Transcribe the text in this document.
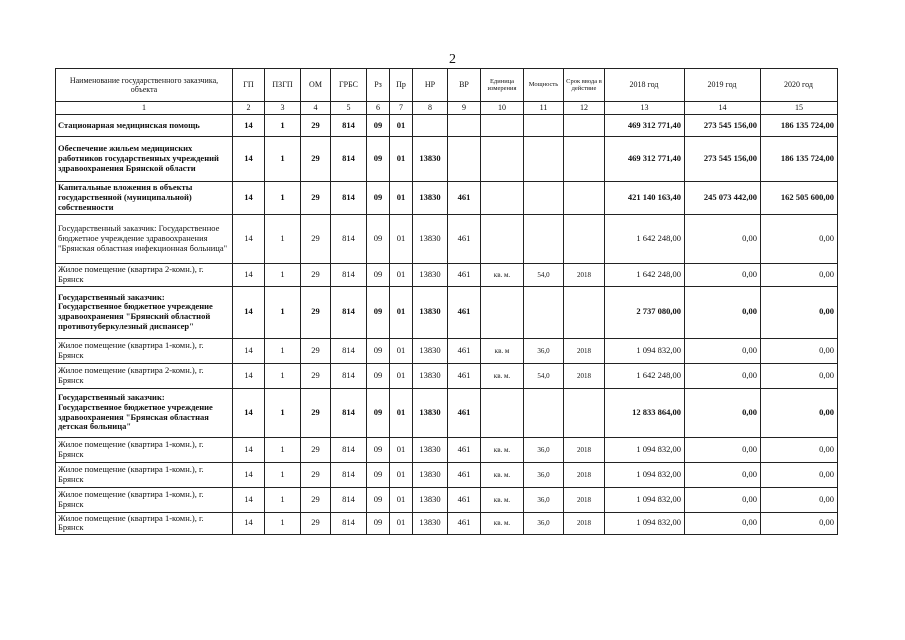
2
Наименование государственного заказчика, объекта	ГП	ПЗГП	ОМ	ГРБС	Рз	Пр	НР	ВР	Единица измерения	Мощность	Срок ввода в действие	2018 год	2019 год	2020 год
1	2	3	4	5	6	7	8	9	10	11	12	13	14	15
Стационарная медицинская помощь	14	1	29	814	09	01						469 312 771,40	273 545 156,00	186 135 724,00
Обеспечение жильем медицинских работников государственных учреждений здравоохранения Брянской области	14	1	29	814	09	01	13830					469 312 771,40	273 545 156,00	186 135 724,00
Капитальные вложения в объекты государственной (муниципальной) собственности	14	1	29	814	09	01	13830	461				421 140 163,40	245 073 442,00	162 505 600,00
Государственный заказчик: Государственное бюджетное учреждение здравоохранения "Брянская областная инфекционная больница"	14	1	29	814	09	01	13830	461				1 642 248,00	0,00	0,00
Жилое помещение (квартира 2-комн.), г. Брянск	14	1	29	814	09	01	13830	461	кв. м.	54,0	2018	1 642 248,00	0,00	0,00
Государственный заказчик: Государственное бюджетное учреждение здравоохранения "Брянский областной противотуберкулезный диспансер"	14	1	29	814	09	01	13830	461				2 737 080,00	0,00	0,00
Жилое помещение (квартира 1-комн.), г. Брянск	14	1	29	814	09	01	13830	461	кв. м	36,0	2018	1 094 832,00	0,00	0,00
Жилое помещение (квартира 2-комн.), г. Брянск	14	1	29	814	09	01	13830	461	кв. м.	54,0	2018	1 642 248,00	0,00	0,00
Государственный заказчик: Государственное бюджетное учреждение здравоохранения "Брянская областная детская больница"	14	1	29	814	09	01	13830	461				12 833 864,00	0,00	0,00
Жилое помещение (квартира 1-комн.), г. Брянск	14	1	29	814	09	01	13830	461	кв. м.	36,0	2018	1 094 832,00	0,00	0,00
Жилое помещение (квартира 1-комн.), г. Брянск	14	1	29	814	09	01	13830	461	кв. м.	36,0	2018	1 094 832,00	0,00	0,00
Жилое помещение (квартира 1-комн.), г. Брянск	14	1	29	814	09	01	13830	461	кв. м.	36,0	2018	1 094 832,00	0,00	0,00
Жилое помещение (квартира 1-комн.), г. Брянск	14	1	29	814	09	01	13830	461	кв. м.	36,0	2018	1 094 832,00	0,00	0,00
